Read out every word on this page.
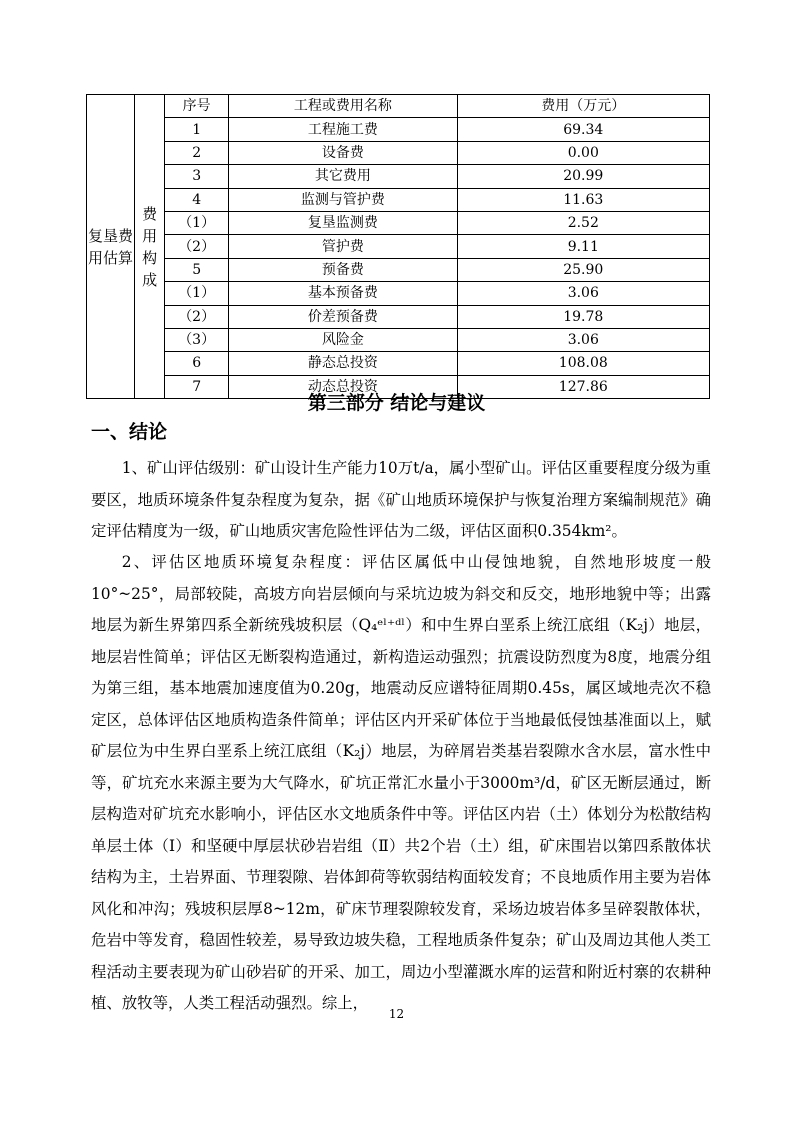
复垦费用估算	费用构成	序号	工程或费用名称	费用（万元）
		1	工程施工费	69.34
		2	设备费	0.00
		3	其它费用	20.99
		4	监测与管护费	11.63
		（1）	复垦监测费	2.52
		（2）	管护费	9.11
		5	预备费	25.90
		（1）	基本预备费	3.06
		（2）	价差预备费	19.78
		（3）	风险金	3.06
		6	静态总投资	108.08
		7	动态总投资	127.86
第三部分 结论与建议
一、结论

1、矿山评估级别：矿山设计生产能力10万t/a，属小型矿山。评估区重要程度分级为重要区，地质环境条件复杂程度为复杂，据《矿山地质环境保护与恢复治理方案编制规范》确定评估精度为一级，矿山地质灾害危险性评估为二级，评估区面积0.354km²。

2、评估区地质环境复杂程度：评估区属低中山侵蚀地貌，自然地形坡度一般10°~25°，局部较陡，高坡方向岩层倾向与采坑边坡为斜交和反交，地形地貌中等；出露地层为新生界第四系全新统残坡积层（Q₄ᵉˡ⁺ᵈˡ）和中生界白垩系上统江底组（K₂j）地层，地层岩性简单；评估区无断裂构造通过，新构造运动强烈；抗震设防烈度为8度，地震分组为第三组，基本地震加速度值为0.20g，地震动反应谱特征周期0.45s，属区域地壳次不稳定区，总体评估区地质构造条件简单；评估区内开采矿体位于当地最低侵蚀基准面以上，赋矿层位为中生界白垩系上统江底组（K₂j）地层，为碎屑岩类基岩裂隙水含水层，富水性中等，矿坑充水来源主要为大气降水，矿坑正常汇水量小于3000m³/d，矿区无断层通过，断层构造对矿坑充水影响小，评估区水文地质条件中等。评估区内岩（土）体划分为松散结构单层土体（Ⅰ）和坚硬中厚层状砂岩岩组（Ⅱ）共2个岩（土）组，矿床围岩以第四系散体状结构为主，土岩界面、节理裂隙、岩体卸荷等软弱结构面较发育；不良地质作用主要为岩体风化和冲沟；残坡积层厚8~12m，矿床节理裂隙较发育，采场边坡岩体多呈碎裂散体状，危岩中等发育，稳固性较差，易导致边坡失稳，工程地质条件复杂；矿山及周边其他人类工程活动主要表现为矿山砂岩矿的开采、加工，周边小型灌溉水库的运营和附近村寨的农耕种植、放牧等，人类工程活动强烈。综上，

12
